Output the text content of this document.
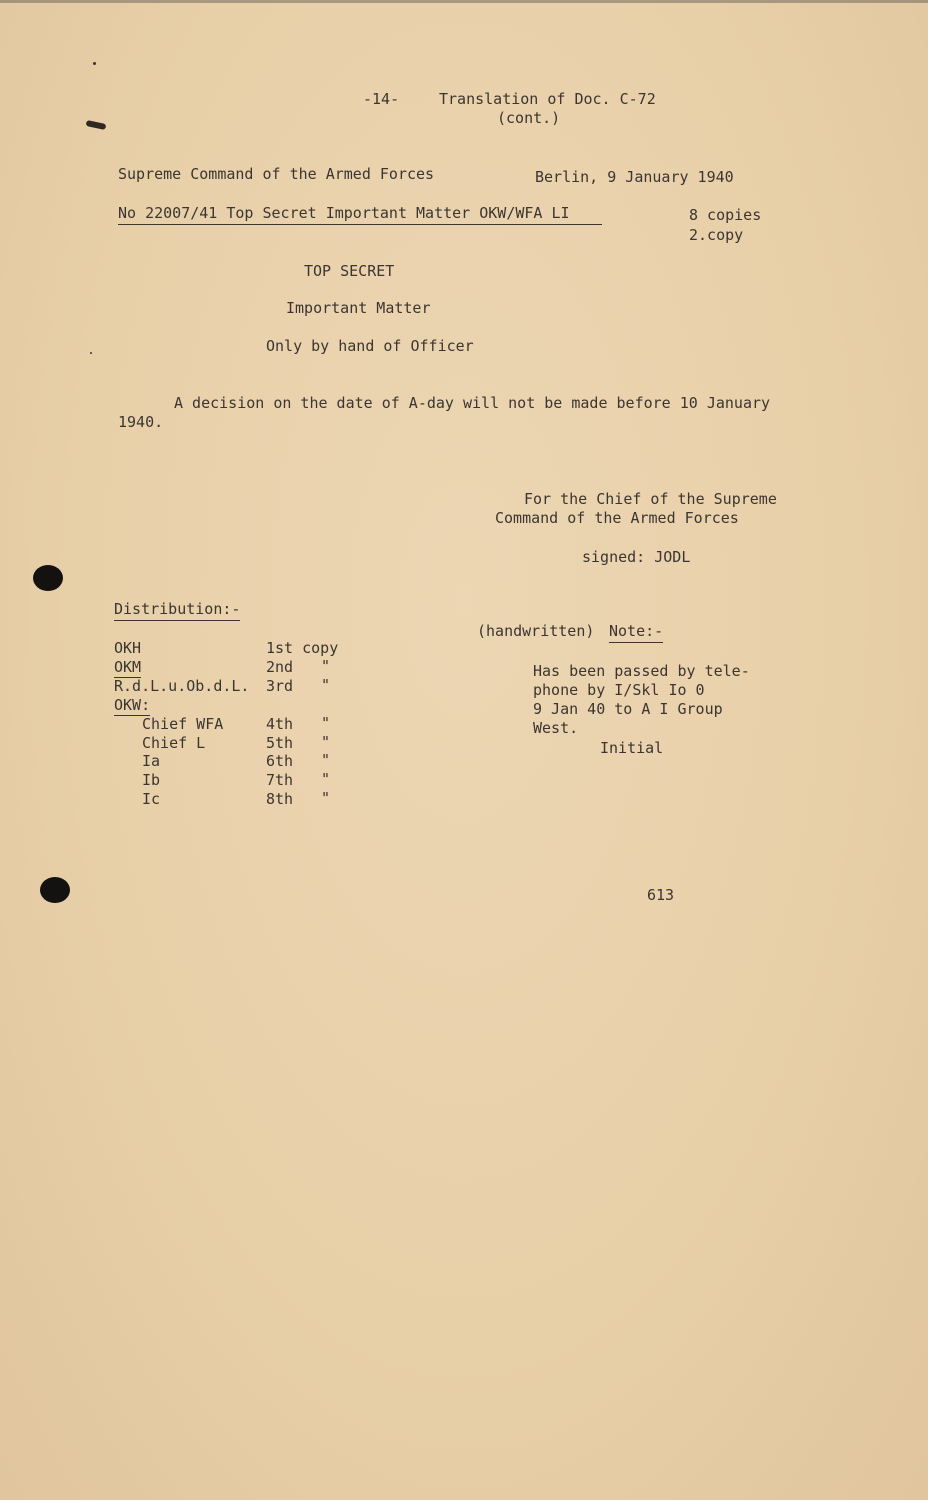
-14-	Translation of Doc. C-72
(cont.)
Supreme Command of the Armed Forces	Berlin, 9 January 1940
No 22007/41 Top Secret Important Matter OKW/WFA LI	8 copies
2.copy
TOP SECRET
Important Matter
Only by hand of Officer
A decision on the date of A-day will not be made before 10 January
1940.
For the Chief of the Supreme
Command of the Armed Forces
signed: JODL
Distribution:-
OKH	1st copy
OKM	2nd "
R.d.L.u.Ob.d.L. 3rd "
OKW:
Chief WFA	4th "
Chief L	5th "
Ia	6th "
Ib	7th "
Ic	8th "
(handwritten) Note:-
Has been passed by tele-
phone by I/Skl Io 0
9 Jan 40 to A I Group
West.
Initial
613
